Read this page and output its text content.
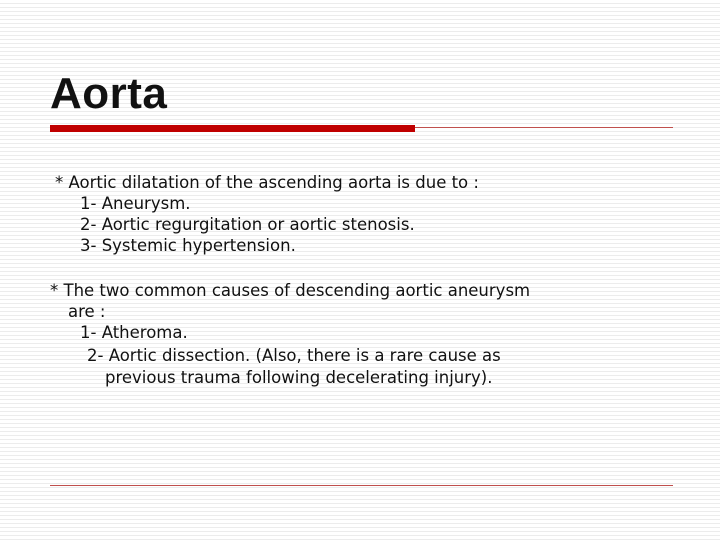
Aorta
* Aortic dilatation of the ascending aorta is due to :
1- Aneurysm.
2- Aortic regurgitation or aortic stenosis.
3- Systemic hypertension.
* The two common causes of descending aortic aneurysm
are :
1- Atheroma.
2- Aortic dissection. (Also, there is a rare cause as
previous trauma following decelerating injury).
